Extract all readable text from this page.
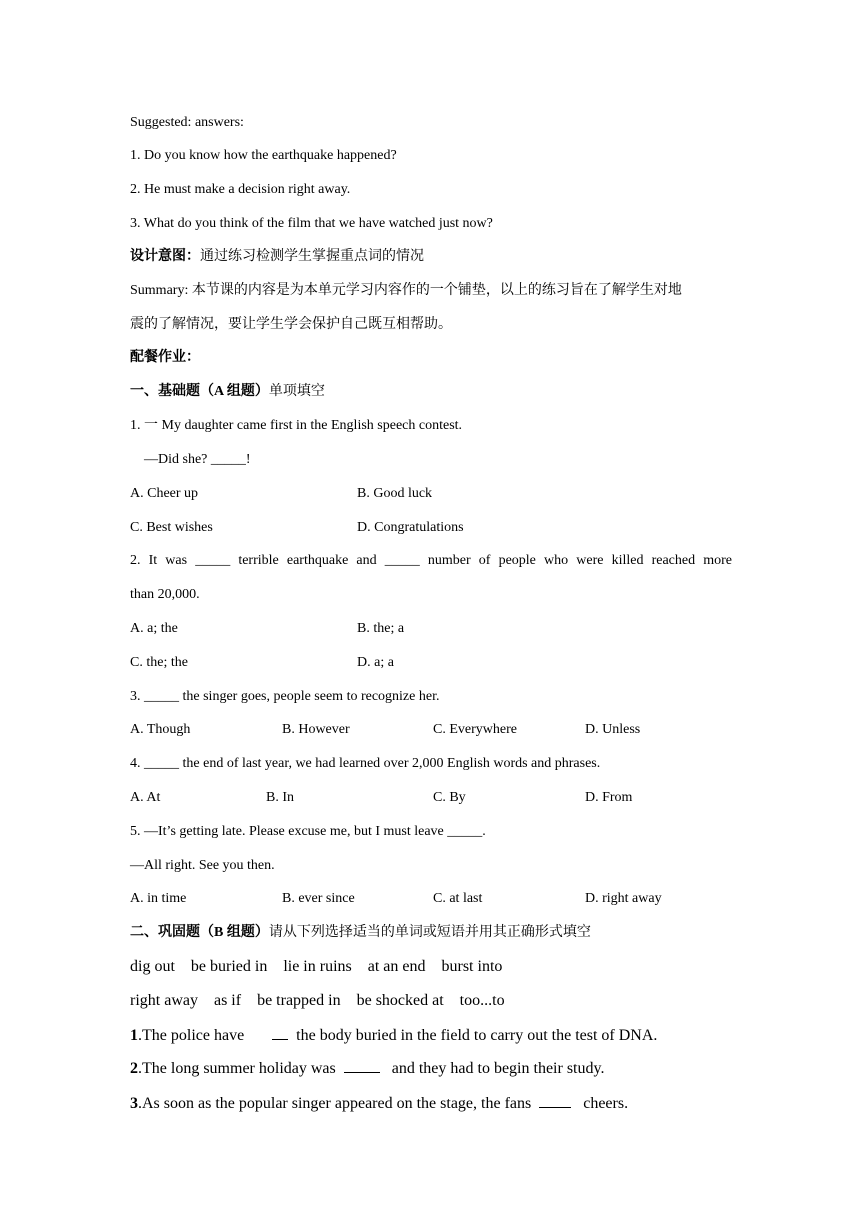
Suggested: answers:
1. Do you know how the earthquake happened?
2. He must make a decision right away.
3. What do you think of the film that we have watched just now?
设计意图：通过练习检测学生掌握重点词的情况
Summary: 本节课的内容是为本单元学习内容作的一个铺垫，以上的练习旨在了解学生对地
震的了解情况，要让学生学会保护自己既互相帮助。
配餐作业：
一、基础题（A 组题）单项填空
1. 一 My daughter came first in the English speech contest.
—Did she? _____!
A. Cheer up	B. Good luck
C. Best wishes	D. Congratulations
2. It was _____ terrible earthquake and _____ number of people who were killed reached more
than 20,000.
A. a; the	B. the; a
C. the; the	D. a; a
3. _____ the singer goes, people seem to recognize her.
A. Though	B. However	C. Everywhere	D. Unless
4. _____ the end of last year, we had learned over 2,000 English words and phrases.
A. At	B. In	C. By	D. From
5. —It’s getting late. Please excuse me, but I must leave _____.
—All right. See you then.
A. in time	B. ever since	C. at last	D. right away
二、巩固题（B 组题）请从下列选择适当的单词或短语并用其正确形式填空
dig out    be buried in    lie in ruins    at an end    burst into
right away    as if    be trapped in    be shocked at    too...to
1.The police have	the body buried in the field to carry out the test of DNA.
2.The long summer holiday was	and they had to begin their study.
3.As soon as the popular singer appeared on the stage, the fans	cheers.
